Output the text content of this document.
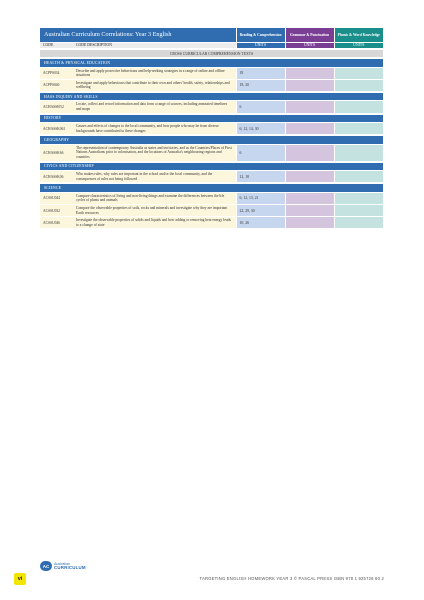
Australian Curriculum Correlations: Year 3 English		Reading & Comprehension	Grammar & Punctuation	Phonic & Word Knowledge
CODE	CODE DESCRIPTION	UNITS	UNITS	UNITS
CROSS CURRICULAR COMPREHENSION TEXTS				
HEALTH & PHYSICAL EDUCATION				
ACPPS034	Describe and apply protective behaviours and help-seeking strategies in a range of online and offline situations	18		
ACPPS040	Investigate and apply behaviours that contribute to their own and others' health, safety, relationships and wellbeing	18, 20		
HASS INQUIRY AND SKILLS				
ACHASSI052	Locate, collect and record information and data from a range of sources, including annotated timelines and maps	6		
HISTORY				
ACHASSK061	Causes and effects of changes to the local community, and how people who may be from diverse backgrounds have contributed to these changes	6, 12, 14, 30		
GEOGRAPHY				
ACHASSK66	The representation of contemporary Australia as states and territories, and as the Countries/Places of First Nations Australians prior to colonisation, and the locations of Australia's neighbouring regions and countries	6		
CIVICS AND CITIZENSHIP				
ACHASSK06	Who makes rules, why rules are important in the school and/or the local community, and the consequences of rules not being followed	12, 18		
SCIENCE				
ACSSU044	Compare characteristics of living and non-living things and examine the differences between the life cycles of plants and animals	6, 12, 13, 21		
ACSSU032	Compare the observable properties of soils, rocks and minerals and investigate why they are important Earth resources	22, 29, 30		
ACSSU046	Investigate the observable properties of solids and liquids and how adding or removing heat energy leads to a change of state	10, 26		
AC	Australian
CURRICULUM
vi	TARGETING ENGLISH HOMEWORK YEAR 3 © PASCAL PRESS ISBN 978 1 925726 60 2
